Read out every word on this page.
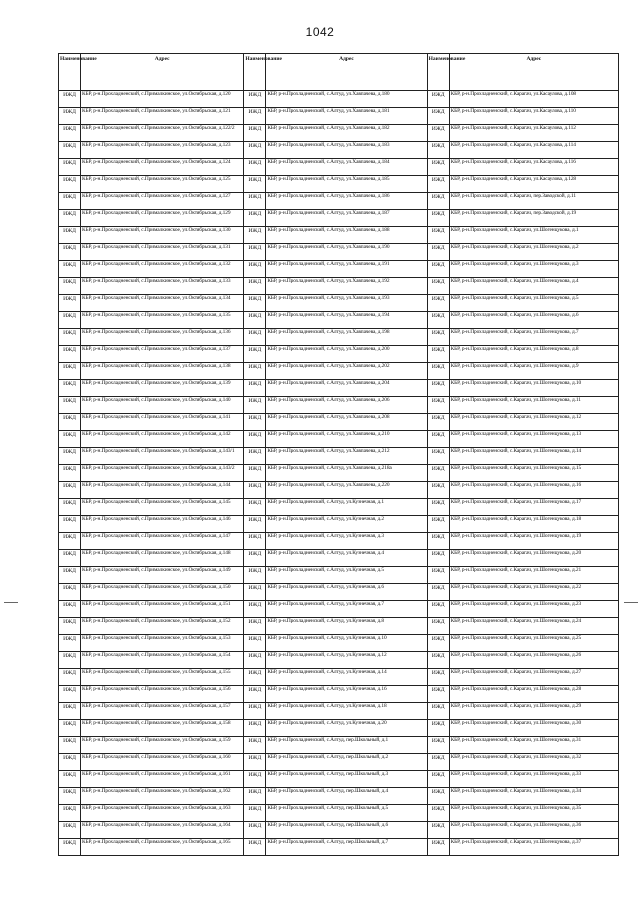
1042
Наименование	Адрес	Наименование	Адрес	Наименование	Адрес
ИЖД	КБР, р-н.Прохладненский, с.Прималкинское, ул.Октябрьская, д.120	ИЖД	КБР, р-н.Прохладненский, с.Алтуд, ул.Хавпачева, д.180	ИЖД	КБР, р-н.Прохладненский, с.Карагач, ул.Касаулова, д.108
ИЖД	КБР, р-н.Прохладненский, с.Прималкинское, ул.Октябрьская, д.121	ИЖД	КБР, р-н.Прохладненский, с.Алтуд, ул.Хавпачева, д.181	ИЖД	КБР, р-н.Прохладненский, с.Карагач, ул.Касаулова, д.110
ИЖД	КБР, р-н.Прохладненский, с.Прималкинское, ул.Октябрьская, д.122/2	ИЖД	КБР, р-н.Прохладненский, с.Алтуд, ул.Хавпачева, д.182	ИЖД	КБР, р-н.Прохладненский, с.Карагач, ул.Касаулова, д.112
ИЖД	КБР, р-н.Прохладненский, с.Прималкинское, ул.Октябрьская, д.123	ИЖД	КБР, р-н.Прохладненский, с.Алтуд, ул.Хавпачева, д.183	ИЖД	КБР, р-н.Прохладненский, с.Карагач, ул.Касаулова, д.114
ИЖД	КБР, р-н.Прохладненский, с.Прималкинское, ул.Октябрьская, д.124	ИЖД	КБР, р-н.Прохладненский, с.Алтуд, ул.Хавпачева, д.184	ИЖД	КБР, р-н.Прохладненский, с.Карагач, ул.Касаулова, д.116
ИЖД	КБР, р-н.Прохладненский, с.Прималкинское, ул.Октябрьская, д.125	ИЖД	КБР, р-н.Прохладненский, с.Алтуд, ул.Хавпачева, д.185	ИЖД	КБР, р-н.Прохладненский, с.Карагач, ул.Касаулова, д.128
ИЖД	КБР, р-н.Прохладненский, с.Прималкинское, ул.Октябрьская, д.127	ИЖД	КБР, р-н.Прохладненский, с.Алтуд, ул.Хавпачева, д.186	ИЖД	КБР, р-н.Прохладненский, с.Карагач, пер.Заводской, д.11
ИЖД	КБР, р-н.Прохладненский, с.Прималкинское, ул.Октябрьская, д.129	ИЖД	КБР, р-н.Прохладненский, с.Алтуд, ул.Хавпачева, д.187	ИЖД	КБР, р-н.Прохладненский, с.Карагач, пер.Заводской, д.19
ИЖД	КБР, р-н.Прохладненский, с.Прималкинское, ул.Октябрьская, д.130	ИЖД	КБР, р-н.Прохладненский, с.Алтуд, ул.Хавпачева, д.188	ИЖД	КБР, р-н.Прохладненский, с.Карагач, ул.Шогенцукова, д.1
ИЖД	КБР, р-н.Прохладненский, с.Прималкинское, ул.Октябрьская, д.131	ИЖД	КБР, р-н.Прохладненский, с.Алтуд, ул.Хавпачева, д.190	ИЖД	КБР, р-н.Прохладненский, с.Карагач, ул.Шогенцукова, д.2
ИЖД	КБР, р-н.Прохладненский, с.Прималкинское, ул.Октябрьская, д.132	ИЖД	КБР, р-н.Прохладненский, с.Алтуд, ул.Хавпачева, д.191	ИЖД	КБР, р-н.Прохладненский, с.Карагач, ул.Шогенцукова, д.3
ИЖД	КБР, р-н.Прохладненский, с.Прималкинское, ул.Октябрьская, д.133	ИЖД	КБР, р-н.Прохладненский, с.Алтуд, ул.Хавпачева, д.192	ИЖД	КБР, р-н.Прохладненский, с.Карагач, ул.Шогенцукова, д.4
ИЖД	КБР, р-н.Прохладненский, с.Прималкинское, ул.Октябрьская, д.134	ИЖД	КБР, р-н.Прохладненский, с.Алтуд, ул.Хавпачева, д.193	ИЖД	КБР, р-н.Прохладненский, с.Карагач, ул.Шогенцукова, д.5
ИЖД	КБР, р-н.Прохладненский, с.Прималкинское, ул.Октябрьская, д.135	ИЖД	КБР, р-н.Прохладненский, с.Алтуд, ул.Хавпачева, д.194	ИЖД	КБР, р-н.Прохладненский, с.Карагач, ул.Шогенцукова, д.6
ИЖД	КБР, р-н.Прохладненский, с.Прималкинское, ул.Октябрьская, д.136	ИЖД	КБР, р-н.Прохладненский, с.Алтуд, ул.Хавпачева, д.198	ИЖД	КБР, р-н.Прохладненский, с.Карагач, ул.Шогенцукова, д.7
ИЖД	КБР, р-н.Прохладненский, с.Прималкинское, ул.Октябрьская, д.137	ИЖД	КБР, р-н.Прохладненский, с.Алтуд, ул.Хавпачева, д.200	ИЖД	КБР, р-н.Прохладненский, с.Карагач, ул.Шогенцукова, д.8
ИЖД	КБР, р-н.Прохладненский, с.Прималкинское, ул.Октябрьская, д.138	ИЖД	КБР, р-н.Прохладненский, с.Алтуд, ул.Хавпачева, д.202	ИЖД	КБР, р-н.Прохладненский, с.Карагач, ул.Шогенцукова, д.9
ИЖД	КБР, р-н.Прохладненский, с.Прималкинское, ул.Октябрьская, д.139	ИЖД	КБР, р-н.Прохладненский, с.Алтуд, ул.Хавпачева, д.204	ИЖД	КБР, р-н.Прохладненский, с.Карагач, ул.Шогенцукова, д.10
ИЖД	КБР, р-н.Прохладненский, с.Прималкинское, ул.Октябрьская, д.140	ИЖД	КБР, р-н.Прохладненский, с.Алтуд, ул.Хавпачева, д.206	ИЖД	КБР, р-н.Прохладненский, с.Карагач, ул.Шогенцукова, д.11
ИЖД	КБР, р-н.Прохладненский, с.Прималкинское, ул.Октябрьская, д.141	ИЖД	КБР, р-н.Прохладненский, с.Алтуд, ул.Хавпачева, д.208	ИЖД	КБР, р-н.Прохладненский, с.Карагач, ул.Шогенцукова, д.12
ИЖД	КБР, р-н.Прохладненский, с.Прималкинское, ул.Октябрьская, д.142	ИЖД	КБР, р-н.Прохладненский, с.Алтуд, ул.Хавпачева, д.210	ИЖД	КБР, р-н.Прохладненский, с.Карагач, ул.Шогенцукова, д.13
ИЖД	КБР, р-н.Прохладненский, с.Прималкинское, ул.Октябрьская, д.143/1	ИЖД	КБР, р-н.Прохладненский, с.Алтуд, ул.Хавпачева, д.212	ИЖД	КБР, р-н.Прохладненский, с.Карагач, ул.Шогенцукова, д.14
ИЖД	КБР, р-н.Прохладненский, с.Прималкинское, ул.Октябрьская, д.143/2	ИЖД	КБР, р-н.Прохладненский, с.Алтуд, ул.Хавпачева, д.218а	ИЖД	КБР, р-н.Прохладненский, с.Карагач, ул.Шогенцукова, д.15
ИЖД	КБР, р-н.Прохладненский, с.Прималкинское, ул.Октябрьская, д.144	ИЖД	КБР, р-н.Прохладненский, с.Алтуд, ул.Хавпачева, д.220	ИЖД	КБР, р-н.Прохладненский, с.Карагач, ул.Шогенцукова, д.16
ИЖД	КБР, р-н.Прохладненский, с.Прималкинское, ул.Октябрьская, д.145	ИЖД	КБР, р-н.Прохладненский, с.Алтуд, ул.Кузнечная, д.1	ИЖД	КБР, р-н.Прохладненский, с.Карагач, ул.Шогенцукова, д.17
ИЖД	КБР, р-н.Прохладненский, с.Прималкинское, ул.Октябрьская, д.146	ИЖД	КБР, р-н.Прохладненский, с.Алтуд, ул.Кузнечная, д.2	ИЖД	КБР, р-н.Прохладненский, с.Карагач, ул.Шогенцукова, д.18
ИЖД	КБР, р-н.Прохладненский, с.Прималкинское, ул.Октябрьская, д.147	ИЖД	КБР, р-н.Прохладненский, с.Алтуд, ул.Кузнечная, д.3	ИЖД	КБР, р-н.Прохладненский, с.Карагач, ул.Шогенцукова, д.19
ИЖД	КБР, р-н.Прохладненский, с.Прималкинское, ул.Октябрьская, д.148	ИЖД	КБР, р-н.Прохладненский, с.Алтуд, ул.Кузнечная, д.4	ИЖД	КБР, р-н.Прохладненский, с.Карагач, ул.Шогенцукова, д.20
ИЖД	КБР, р-н.Прохладненский, с.Прималкинское, ул.Октябрьская, д.149	ИЖД	КБР, р-н.Прохладненский, с.Алтуд, ул.Кузнечная, д.5	ИЖД	КБР, р-н.Прохладненский, с.Карагач, ул.Шогенцукова, д.21
ИЖД	КБР, р-н.Прохладненский, с.Прималкинское, ул.Октябрьская, д.150	ИЖД	КБР, р-н.Прохладненский, с.Алтуд, ул.Кузнечная, д.6	ИЖД	КБР, р-н.Прохладненский, с.Карагач, ул.Шогенцукова, д.22
ИЖД	КБР, р-н.Прохладненский, с.Прималкинское, ул.Октябрьская, д.151	ИЖД	КБР, р-н.Прохладненский, с.Алтуд, ул.Кузнечная, д.7	ИЖД	КБР, р-н.Прохладненский, с.Карагач, ул.Шогенцукова, д.23
ИЖД	КБР, р-н.Прохладненский, с.Прималкинское, ул.Октябрьская, д.152	ИЖД	КБР, р-н.Прохладненский, с.Алтуд, ул.Кузнечная, д.8	ИЖД	КБР, р-н.Прохладненский, с.Карагач, ул.Шогенцукова, д.24
ИЖД	КБР, р-н.Прохладненский, с.Прималкинское, ул.Октябрьская, д.153	ИЖД	КБР, р-н.Прохладненский, с.Алтуд, ул.Кузнечная, д.10	ИЖД	КБР, р-н.Прохладненский, с.Карагач, ул.Шогенцукова, д.25
ИЖД	КБР, р-н.Прохладненский, с.Прималкинское, ул.Октябрьская, д.154	ИЖД	КБР, р-н.Прохладненский, с.Алтуд, ул.Кузнечная, д.12	ИЖД	КБР, р-н.Прохладненский, с.Карагач, ул.Шогенцукова, д.26
ИЖД	КБР, р-н.Прохладненский, с.Прималкинское, ул.Октябрьская, д.155	ИЖД	КБР, р-н.Прохладненский, с.Алтуд, ул.Кузнечная, д.14	ИЖД	КБР, р-н.Прохладненский, с.Карагач, ул.Шогенцукова, д.27
ИЖД	КБР, р-н.Прохладненский, с.Прималкинское, ул.Октябрьская, д.156	ИЖД	КБР, р-н.Прохладненский, с.Алтуд, ул.Кузнечная, д.16	ИЖД	КБР, р-н.Прохладненский, с.Карагач, ул.Шогенцукова, д.28
ИЖД	КБР, р-н.Прохладненский, с.Прималкинское, ул.Октябрьская, д.157	ИЖД	КБР, р-н.Прохладненский, с.Алтуд, ул.Кузнечная, д.18	ИЖД	КБР, р-н.Прохладненский, с.Карагач, ул.Шогенцукова, д.29
ИЖД	КБР, р-н.Прохладненский, с.Прималкинское, ул.Октябрьская, д.158	ИЖД	КБР, р-н.Прохладненский, с.Алтуд, ул.Кузнечная, д.20	ИЖД	КБР, р-н.Прохладненский, с.Карагач, ул.Шогенцукова, д.30
ИЖД	КБР, р-н.Прохладненский, с.Прималкинское, ул.Октябрьская, д.159	ИЖД	КБР, р-н.Прохладненский, с.Алтуд, пер.Школьный, д.1	ИЖД	КБР, р-н.Прохладненский, с.Карагач, ул.Шогенцукова, д.31
ИЖД	КБР, р-н.Прохладненский, с.Прималкинское, ул.Октябрьская, д.160	ИЖД	КБР, р-н.Прохладненский, с.Алтуд, пер.Школьный, д.2	ИЖД	КБР, р-н.Прохладненский, с.Карагач, ул.Шогенцукова, д.32
ИЖД	КБР, р-н.Прохладненский, с.Прималкинское, ул.Октябрьская, д.161	ИЖД	КБР, р-н.Прохладненский, с.Алтуд, пер.Школьный, д.3	ИЖД	КБР, р-н.Прохладненский, с.Карагач, ул.Шогенцукова, д.33
ИЖД	КБР, р-н.Прохладненский, с.Прималкинское, ул.Октябрьская, д.162	ИЖД	КБР, р-н.Прохладненский, с.Алтуд, пер.Школьный, д.4	ИЖД	КБР, р-н.Прохладненский, с.Карагач, ул.Шогенцукова, д.34
ИЖД	КБР, р-н.Прохладненский, с.Прималкинское, ул.Октябрьская, д.163	ИЖД	КБР, р-н.Прохладненский, с.Алтуд, пер.Школьный, д.5	ИЖД	КБР, р-н.Прохладненский, с.Карагач, ул.Шогенцукова, д.35
ИЖД	КБР, р-н.Прохладненский, с.Прималкинское, ул.Октябрьская, д.164	ИЖД	КБР, р-н.Прохладненский, с.Алтуд, пер.Школьный, д.6	ИЖД	КБР, р-н.Прохладненский, с.Карагач, ул.Шогенцукова, д.36
ИЖД	КБР, р-н.Прохладненский, с.Прималкинское, ул.Октябрьская, д.165	ИЖД	КБР, р-н.Прохладненский, с.Алтуд, пер.Школьный, д.7	ИЖД	КБР, р-н.Прохладненский, с.Карагач, ул.Шогенцукова, д.37
